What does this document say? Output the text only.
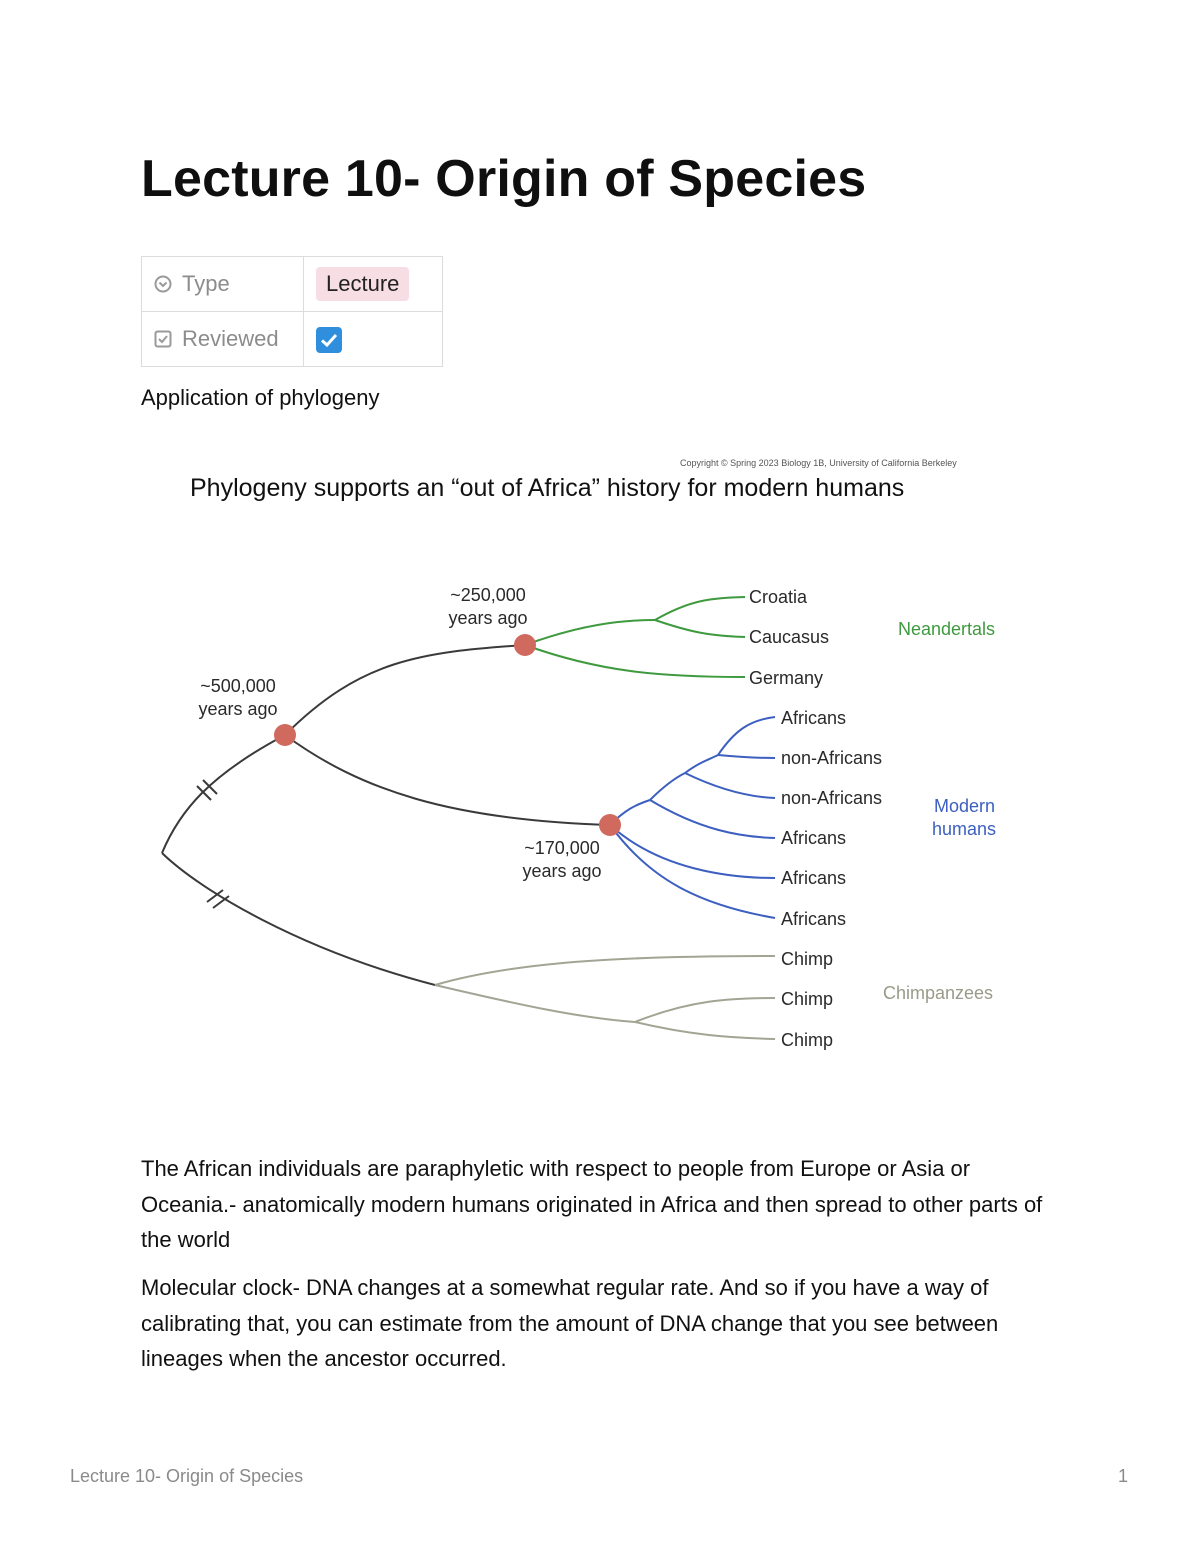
Lecture 10- Origin of Species
Type	Lecture
Reviewed	

Application of phylogeny

Copyright © Spring 2023 Biology 1B, University of California Berkeley
Phylogeny supports an “out of Africa” history for modern humans
~500,000
years ago
~250,000
years ago
~170,000
years ago
Croatia
Caucasus
Germany
Africans
non-Africans
non-Africans
Africans
Africans
Africans
Chimp
Chimp
Chimp
Neandertals
Modern
humans
Chimpanzees

The African individuals are paraphyletic with respect to people from Europe or Asia or Oceania.- anatomically modern humans originated in Africa and then spread to other parts of the world

Molecular clock- DNA changes at a somewhat regular rate. And so if you have a way of calibrating that, you can estimate from the amount of DNA change that you see between lineages when the ancestor occurred.

Lecture 10- Origin of Species	1
